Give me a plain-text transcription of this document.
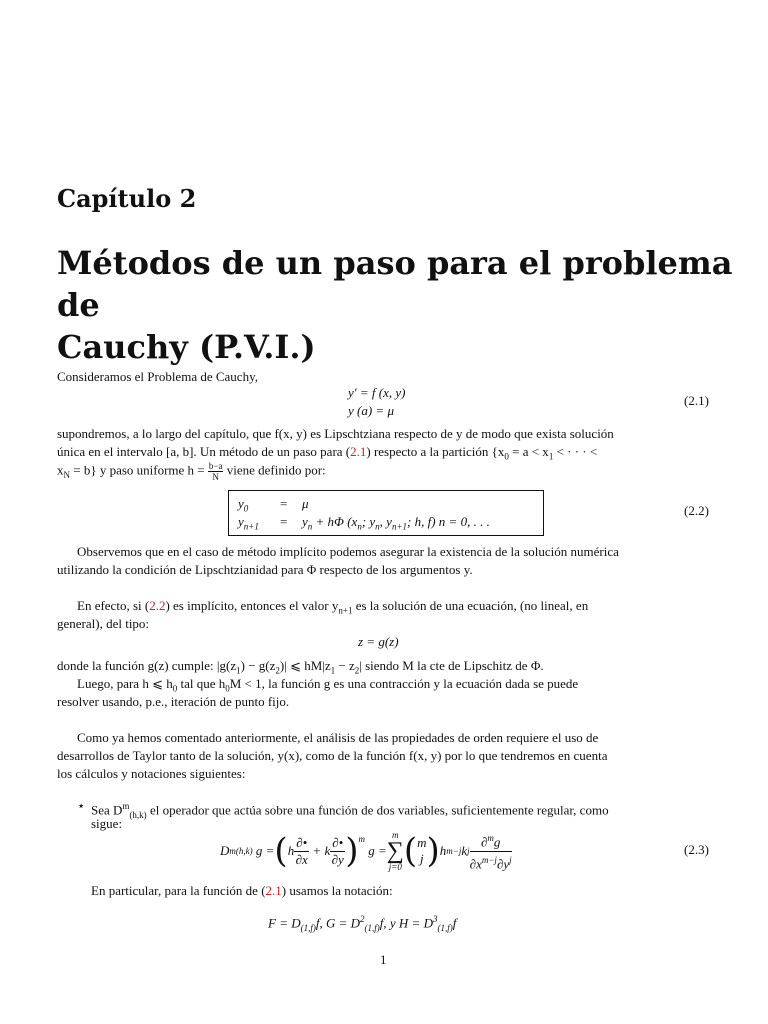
Capítulo 2
Métodos de un paso para el problema de
Cauchy (P.V.I.)
Consideramos el Problema de Cauchy,
y′ = f (x, y)
y (a) = μ
(2.1)
supondremos, a lo largo del capítulo, que f(x, y) es Lipschtziana respecto de y de modo que exista solución
única en el intervalo [a, b]. Un método de un paso para (2.1) respecto a la partición {$x_0 = a < x_1$ < · · · <
$x_N = b$} y paso uniforme $h = \frac{b-a}{N}$ viene definido por:
$y_0 = \mu$
$y_{n+1} = y_n + h\Phi$ ($x_n$; $y_n$, $y_{n+1}$; h, f) n = 0, . . .
(2.2)
Observemos que en el caso de método implícito podemos asegurar la existencia de la solución numérica
utilizando la condición de Lipschtzianidad para Φ respecto de los argumentos y.
En efecto, si (2.2) es implícito, entonces el valor $y_{n+1}$ es la solución de una ecuación, (no lineal, en
general), del tipo:
z = g(z)
donde la función g(z) cumple: $|g(z_1) - g(z_2)|$ ⩽ $hM|z_1 - z_2|$ siendo M la cte de Lipschitz de Φ.
Luego, para h ⩽ $h_0$ tal que $h_0M < 1$, la función g es una contracción y la ecuación dada se puede
resolver usando, p.e., iteración de punto fijo.
Como ya hemos comentado anteriormente, el análisis de las propiedades de orden requiere el uso de
desarrollos de Taylor tanto de la solución, y(x), como de la función f(x, y) por lo que tendremos en cuenta
los cálculos y notaciones siguientes:
⋆ Sea $D^m_{(h,k)}$ el operador que actúa sobre una función de dos variables, suficientemente regular, como
sigue:
D m (h,k)
g = ( h
∂•
∂x

+ k
∂•
∂y )$^m$

g =
m
∑
j=0 ( m
j ) h m−j k j
∂$^m$g
$\partial x^{m-j}\partial y^j$
(2.3)
En particular, para la función de (2.1) usamos la notación:
$F = D_{(1,f)}f$, $G = D^2_{(1,f)}f$, y $H = D^3_{(1,f)}f$
1
